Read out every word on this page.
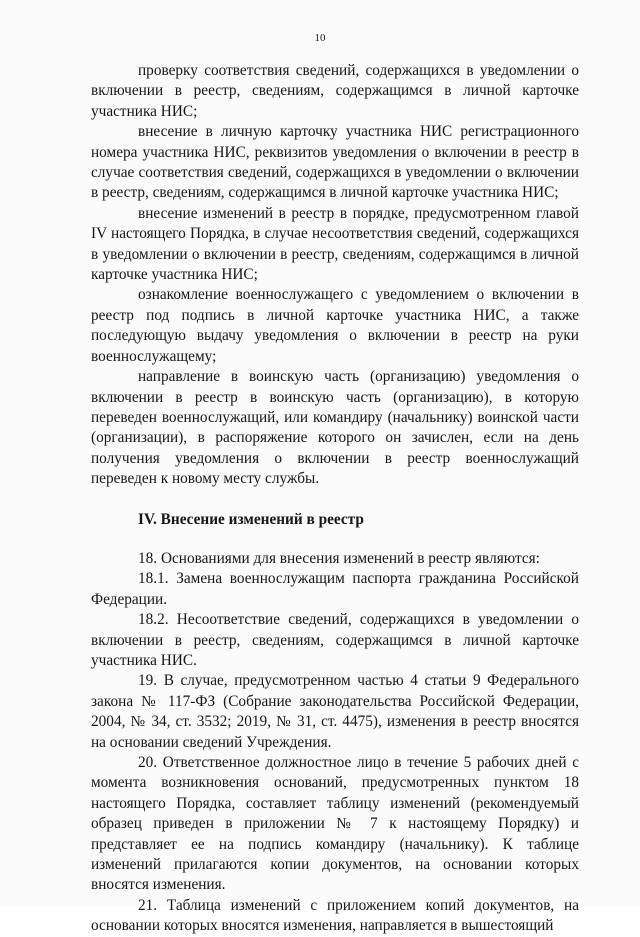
10

проверку соответствия сведений, содержащихся в уведомлении о включении в реестр, сведениям, содержащимся в личной карточке участника НИС;

внесение в личную карточку участника НИС регистрационного номера участника НИС, реквизитов уведомления о включении в реестр в случае соответствия сведений, содержащихся в уведомлении о включении в реестр, сведениям, содержащимся в личной карточке участника НИС;

внесение изменений в реестр в порядке, предусмотренном главой IV настоящего Порядка, в случае несоответствия сведений, содержащихся в уведомлении о включении в реестр, сведениям, содержащимся в личной карточке участника НИС;

ознакомление военнослужащего с уведомлением о включении в реестр под подпись в личной карточке участника НИС, а также последующую выдачу уведомления о включении в реестр на руки военнослужащему;

направление в воинскую часть (организацию) уведомления о включении в реестр в воинскую часть (организацию), в которую переведен военнослужащий, или командиру (начальнику) воинской части (организации), в распоряжение которого он зачислен, если на день получения уведомления о включении в реестр военнослужащий переведен к новому месту службы.

IV. Внесение изменений в реестр

18. Основаниями для внесения изменений в реестр являются:

18.1. Замена военнослужащим паспорта гражданина Российской Федерации.

18.2. Несоответствие сведений, содержащихся в уведомлении о включении в реестр, сведениям, содержащимся в личной карточке участника НИС.

19. В случае, предусмотренном частью 4 статьи 9 Федерального закона № 117-ФЗ (Собрание законодательства Российской Федерации, 2004, № 34, ст. 3532; 2019, № 31, ст. 4475), изменения в реестр вносятся на основании сведений Учреждения.

20. Ответственное должностное лицо в течение 5 рабочих дней с момента возникновения оснований, предусмотренных пунктом 18 настоящего Порядка, составляет таблицу изменений (рекомендуемый образец приведен в приложении № 7 к настоящему Порядку) и представляет ее на подпись командиру (начальнику). К таблице изменений прилагаются копии документов, на основании которых вносятся изменения.

21. Таблица изменений с приложением копий документов, на основании которых вносятся изменения, направляется в вышестоящий
